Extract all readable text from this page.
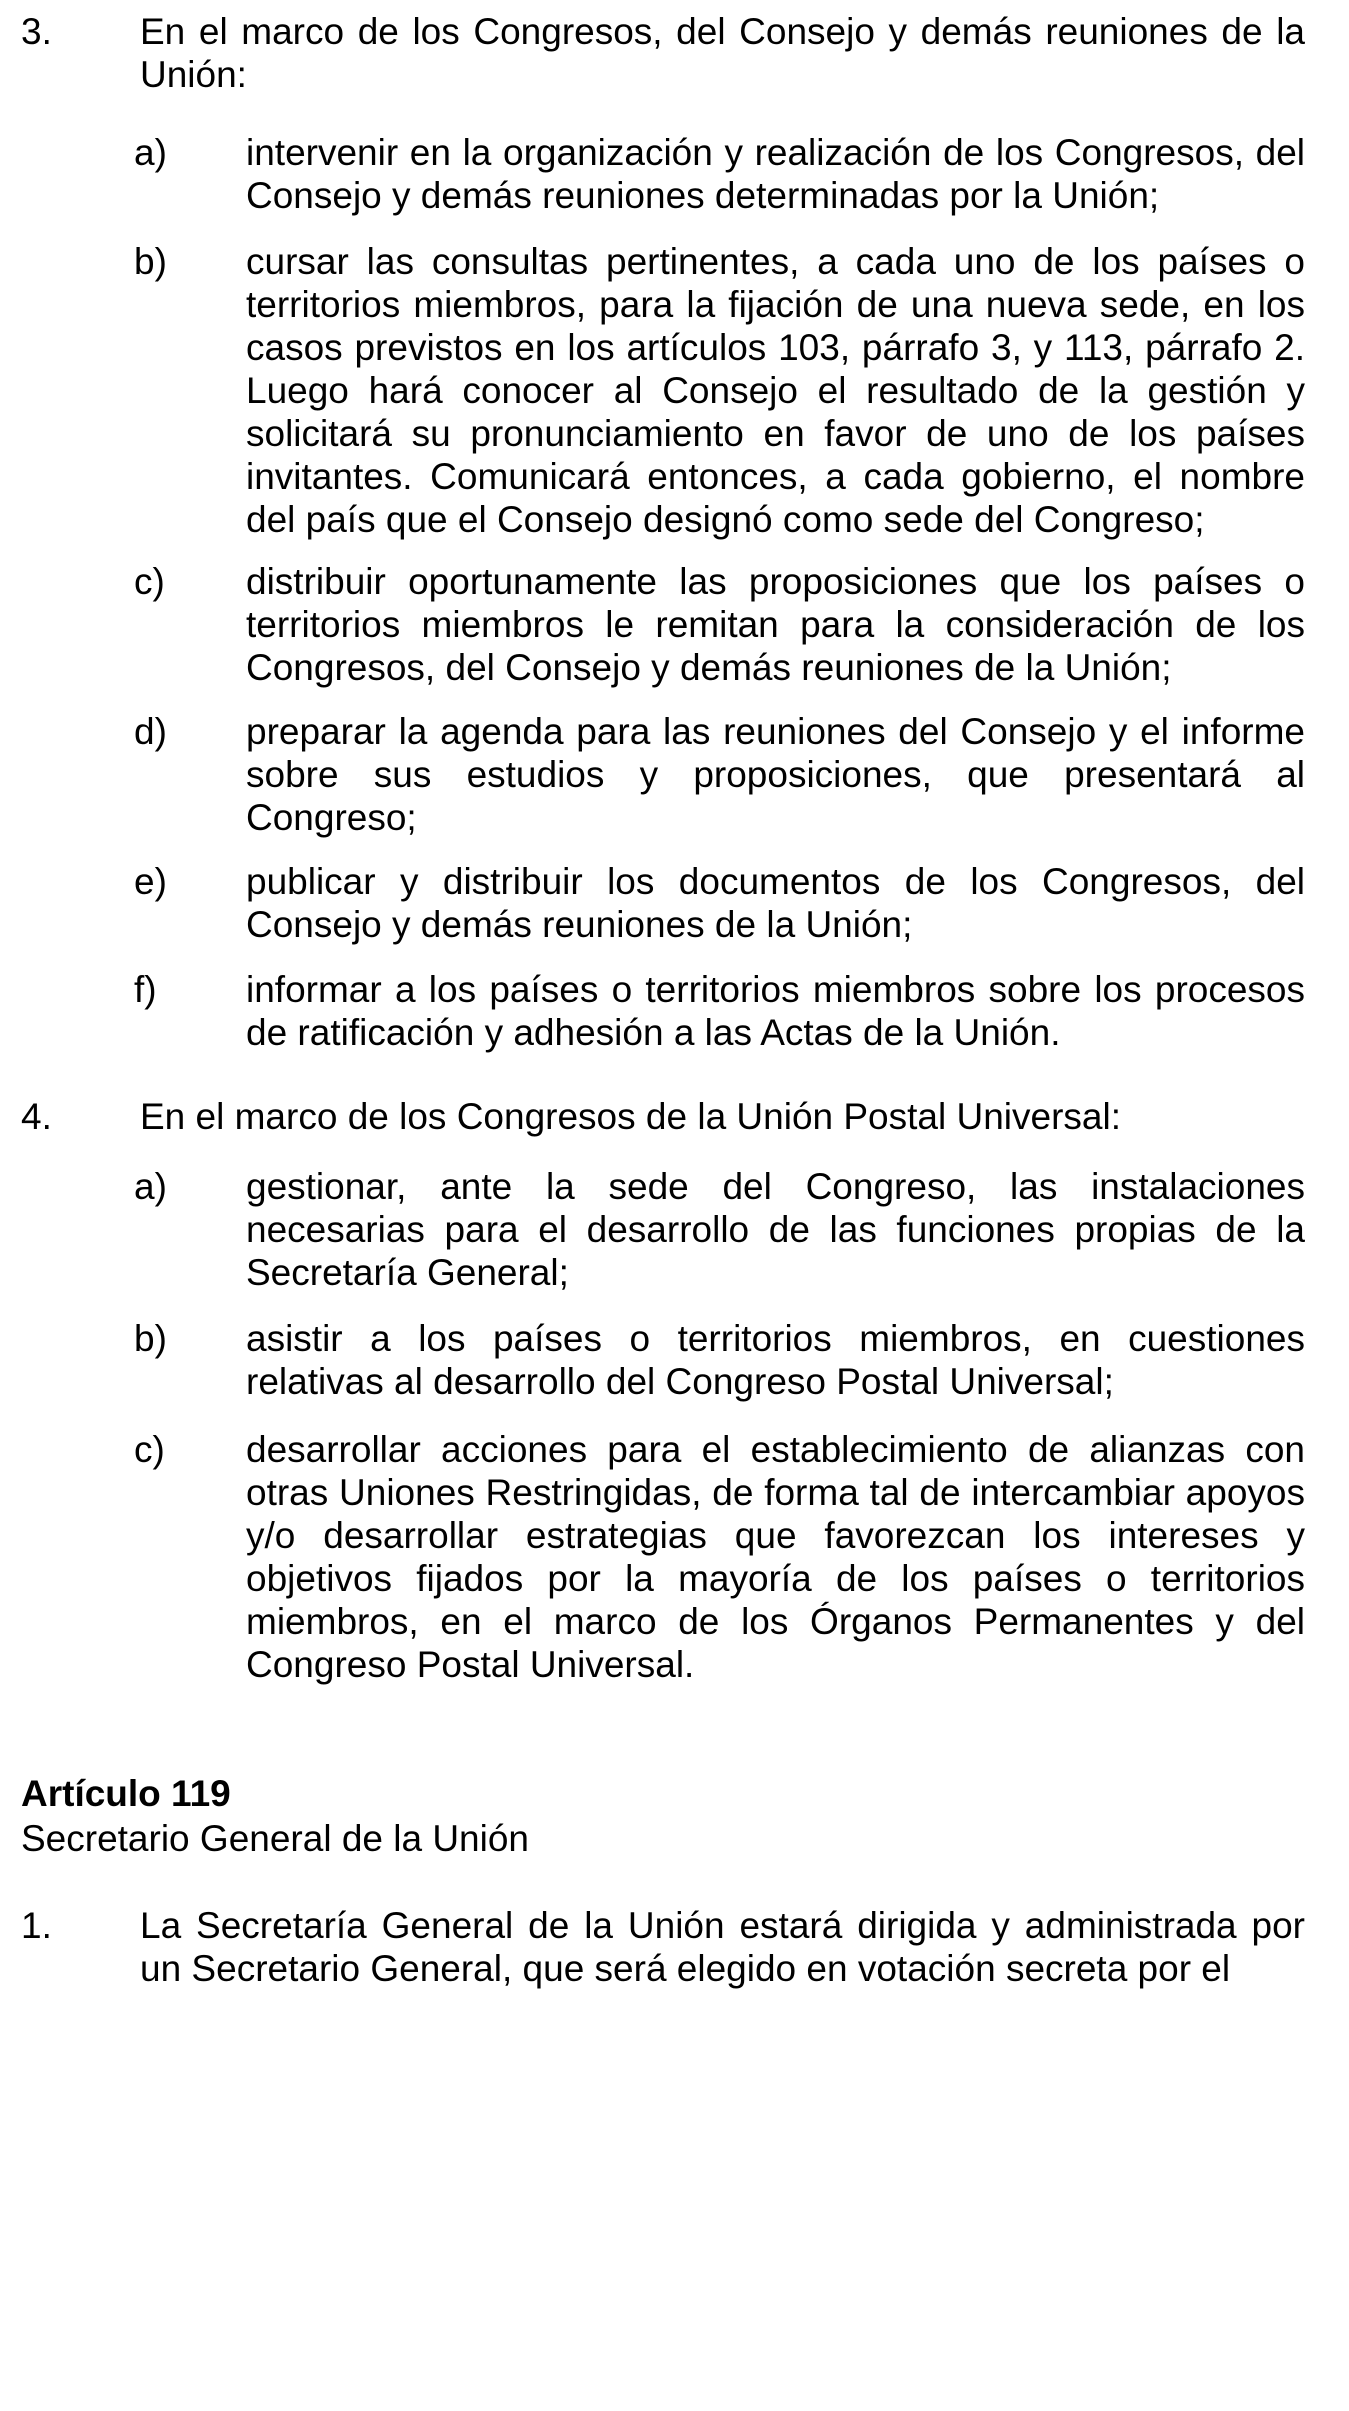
3. En el marco de los Congresos, del Consejo y demás reuniones de la Unión:
a) intervenir en la organización y realización de los Congresos, del Consejo y demás reuniones determinadas por la Unión;
b) cursar las consultas pertinentes, a cada uno de los países o territorios miembros, para la fijación de una nueva sede, en los casos previstos en los artículos 103, párrafo 3, y 113, párrafo 2. Luego hará conocer al Consejo el resultado de la gestión y solicitará su pronunciamiento en favor de uno de los países invitantes. Comunicará entonces, a cada gobierno, el nombre del país que el Consejo designó como sede del Congreso;
c) distribuir oportunamente las proposiciones que los países o territorios miembros le remitan para la consideración de los Congresos, del Consejo y demás reuniones de la Unión;
d) preparar la agenda para las reuniones del Consejo y el informe sobre sus estudios y proposiciones, que presentará al Congreso;
e) publicar y distribuir los documentos de los Congresos, del Consejo y demás reuniones de la Unión;
f) informar a los países o territorios miembros sobre los procesos de ratificación y adhesión a las Actas de la Unión.
4. En el marco de los Congresos de la Unión Postal Universal:
a) gestionar, ante la sede del Congreso, las instalaciones necesarias para el desarrollo de las funciones propias de la Secretaría General;
b) asistir a los países o territorios miembros, en cuestiones relativas al desarrollo del Congreso Postal Universal;
c) desarrollar acciones para el establecimiento de alianzas con otras Uniones Restringidas, de forma tal de intercambiar apoyos y/o desarrollar estrategias que favorezcan los intereses y objetivos fijados por la mayoría de los países o territorios miembros, en el marco de los Órganos Permanentes y del Congreso Postal Universal.
Artículo 119
Secretario General de la Unión
1. La Secretaría General de la Unión estará dirigida y administrada por un Secretario General, que será elegido en votación secreta por el
